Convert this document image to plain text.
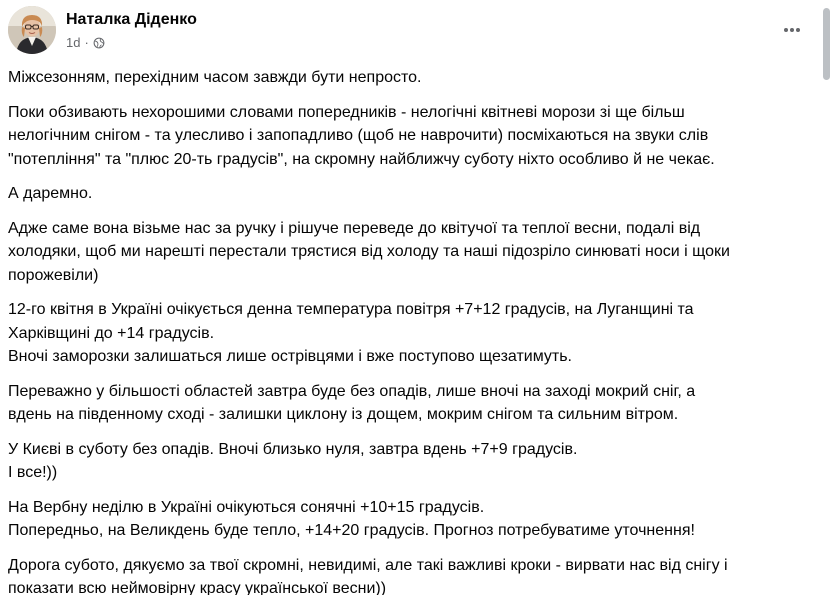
Наталка Діденко
1d ·

Міжсезонням, перехідним часом завжди бути непросто.

Поки обзивають нехорошими словами попередників - нелогічні квітневі морози зі ще більш
нелогічним снігом - та улесливо і запопадливо (щоб не наврочити) посміхаються на звуки слів
"потепління" та "плюс 20-ть градусів", на скромну найближчу суботу ніхто особливо й не чекає.

А даремно.

Адже саме вона візьме нас за ручку і рішуче переведе до квітучої та теплої весни, подалі від
холодяки, щоб ми нарешті перестали трястися від холоду та наші підозріло синюваті носи і щоки
порожевіли)

12-го квітня в Україні очікується денна температура повітря +7+12 градусів, на Луганщині та
Харківщині до +14 градусів.
Вночі заморозки залишаться лише острівцями і вже поступово щезатимуть.

Переважно у більшості областей завтра буде без опадів, лише вночі на заході мокрий сніг, а
вдень на південному сході - залишки циклону із дощем, мокрим снігом та сильним вітром.

У Києві в суботу без опадів. Вночі близько нуля, завтра вдень +7+9 градусів.
І все!))

На Вербну неділю в Україні очікуються сонячні +10+15 градусів.
Попередньо, на Великдень буде тепло, +14+20 градусів. Прогноз потребуватиме уточнення!

Дорога субото, дякуємо за твої скромні, невидимі, але такі важливі кроки - вирвати нас від снігу і
показати всю неймовірну красу української весни))
